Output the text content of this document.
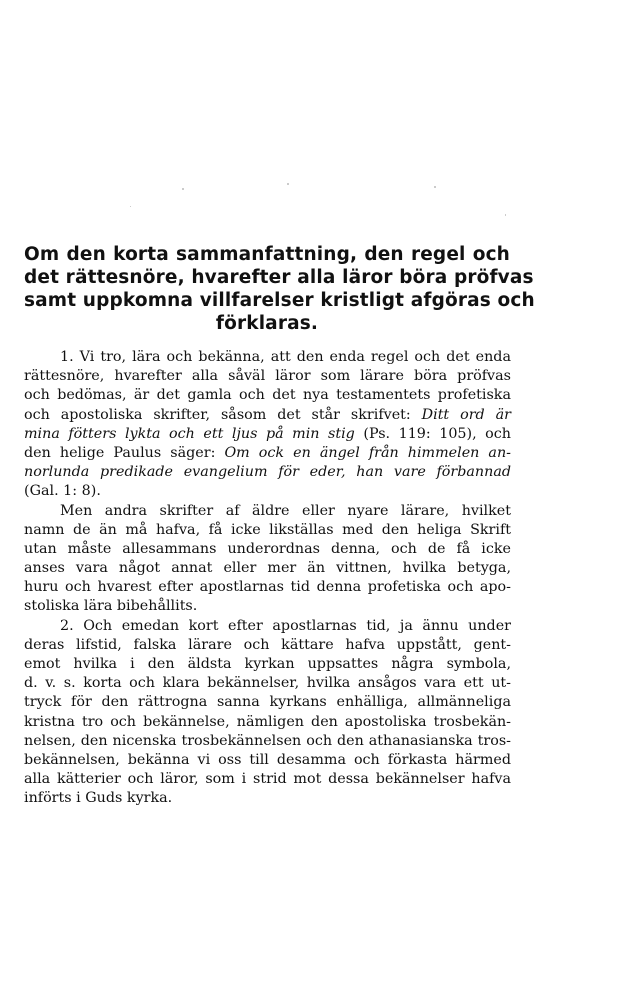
Om den korta sammanfattning, den regel och
det rättesnöre, hvarefter alla läror böra pröfvas
samt uppkomna villfarelser kristligt afgöras och
förklaras.
1. Vi tro, lära och bekänna, att den enda regel och det enda
rättesnöre, hvarefter alla såväl läror som lärare böra pröfvas
och bedömas, är det gamla och det nya testamentets profetiska
och apostoliska skrifter, såsom det står skrifvet: Ditt ord är
mina fötters lykta och ett ljus på min stig (Ps. 119: 105), och
den helige Paulus säger: Om ock en ängel från himmelen an-
norlunda predikade evangelium för eder, han vare förbannad
(Gal. 1: 8).
Men andra skrifter af äldre eller nyare lärare, hvilket
namn de än må hafva, få icke likställas med den heliga Skrift
utan måste allesammans underordnas denna, och de få icke
anses vara något annat eller mer än vittnen, hvilka betyga,
huru och hvarest efter apostlarnas tid denna profetiska och apo-
stoliska lära bibehållits.
2. Och emedan kort efter apostlarnas tid, ja ännu under
deras lifstid, falska lärare och kättare hafva uppstått, gent-
emot hvilka i den äldsta kyrkan uppsattes några symbola,
d. v. s. korta och klara bekännelser, hvilka ansågos vara ett ut-
tryck för den rättrogna sanna kyrkans enhälliga, allmänneliga
kristna tro och bekännelse, nämligen den apostoliska trosbekän-
nelsen, den nicenska trosbekännelsen och den athanasianska tros-
bekännelsen, bekänna vi oss till desamma och förkasta härmed
alla kätterier och läror, som i strid mot dessa bekännelser hafva
införts i Guds kyrka.
